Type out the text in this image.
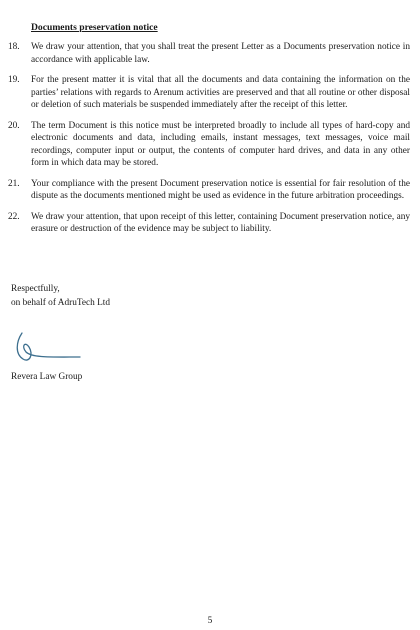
Documents preservation notice
18.	We draw your attention, that you shall treat the present Letter as a Documents preservation notice in accordance with applicable law.
19.	For the present matter it is vital that all the documents and data containing the information on the parties’ relations with regards to Arenum activities are preserved and that all routine or other disposal or deletion of such materials be suspended immediately after the receipt of this letter.
20.	The term Document is this notice must be interpreted broadly to include all types of hard-copy and electronic documents and data, including emails, instant messages, text messages, voice mail recordings, computer input or output, the contents of computer hard drives, and data in any other form in which data may be stored.
21.	Your compliance with the present Document preservation notice is essential for fair resolution of the dispute as the documents mentioned might be used as evidence in the future arbitration proceedings.
22.	We draw your attention, that upon receipt of this letter, containing Document preservation notice, any erasure or destruction of the evidence may be subject to liability.
Respectfully,
on behalf of AdruTech Ltd
Revera Law Group
5
